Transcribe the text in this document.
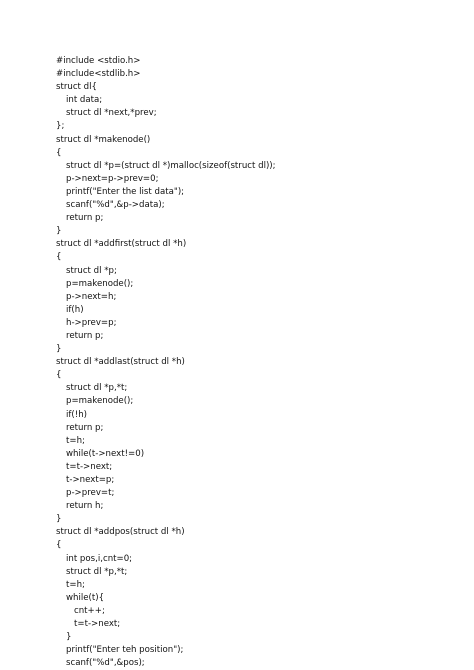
#include <stdio.h>
#include<stdlib.h>
struct dl{
int data;
struct dl *next,*prev;
};
struct dl *makenode()
{
struct dl *p=(struct dl *)malloc(sizeof(struct dl));
p->next=p->prev=0;
printf("Enter the list data");
scanf("%d",&p->data);
return p;
}
struct dl *addfirst(struct dl *h)
{
struct dl *p;
p=makenode();
p->next=h;
if(h)
h->prev=p;
return p;
}
struct dl *addlast(struct dl *h)
{
struct dl *p,*t;
p=makenode();
if(!h)
return p;
t=h;
while(t->next!=0)
t=t->next;
t->next=p;
p->prev=t;
return h;
}
struct dl *addpos(struct dl *h)
{
int pos,i,cnt=0;
struct dl *p,*t;
t=h;
while(t){
cnt++;
t=t->next;
}
printf("Enter teh position");
scanf("%d",&pos);
